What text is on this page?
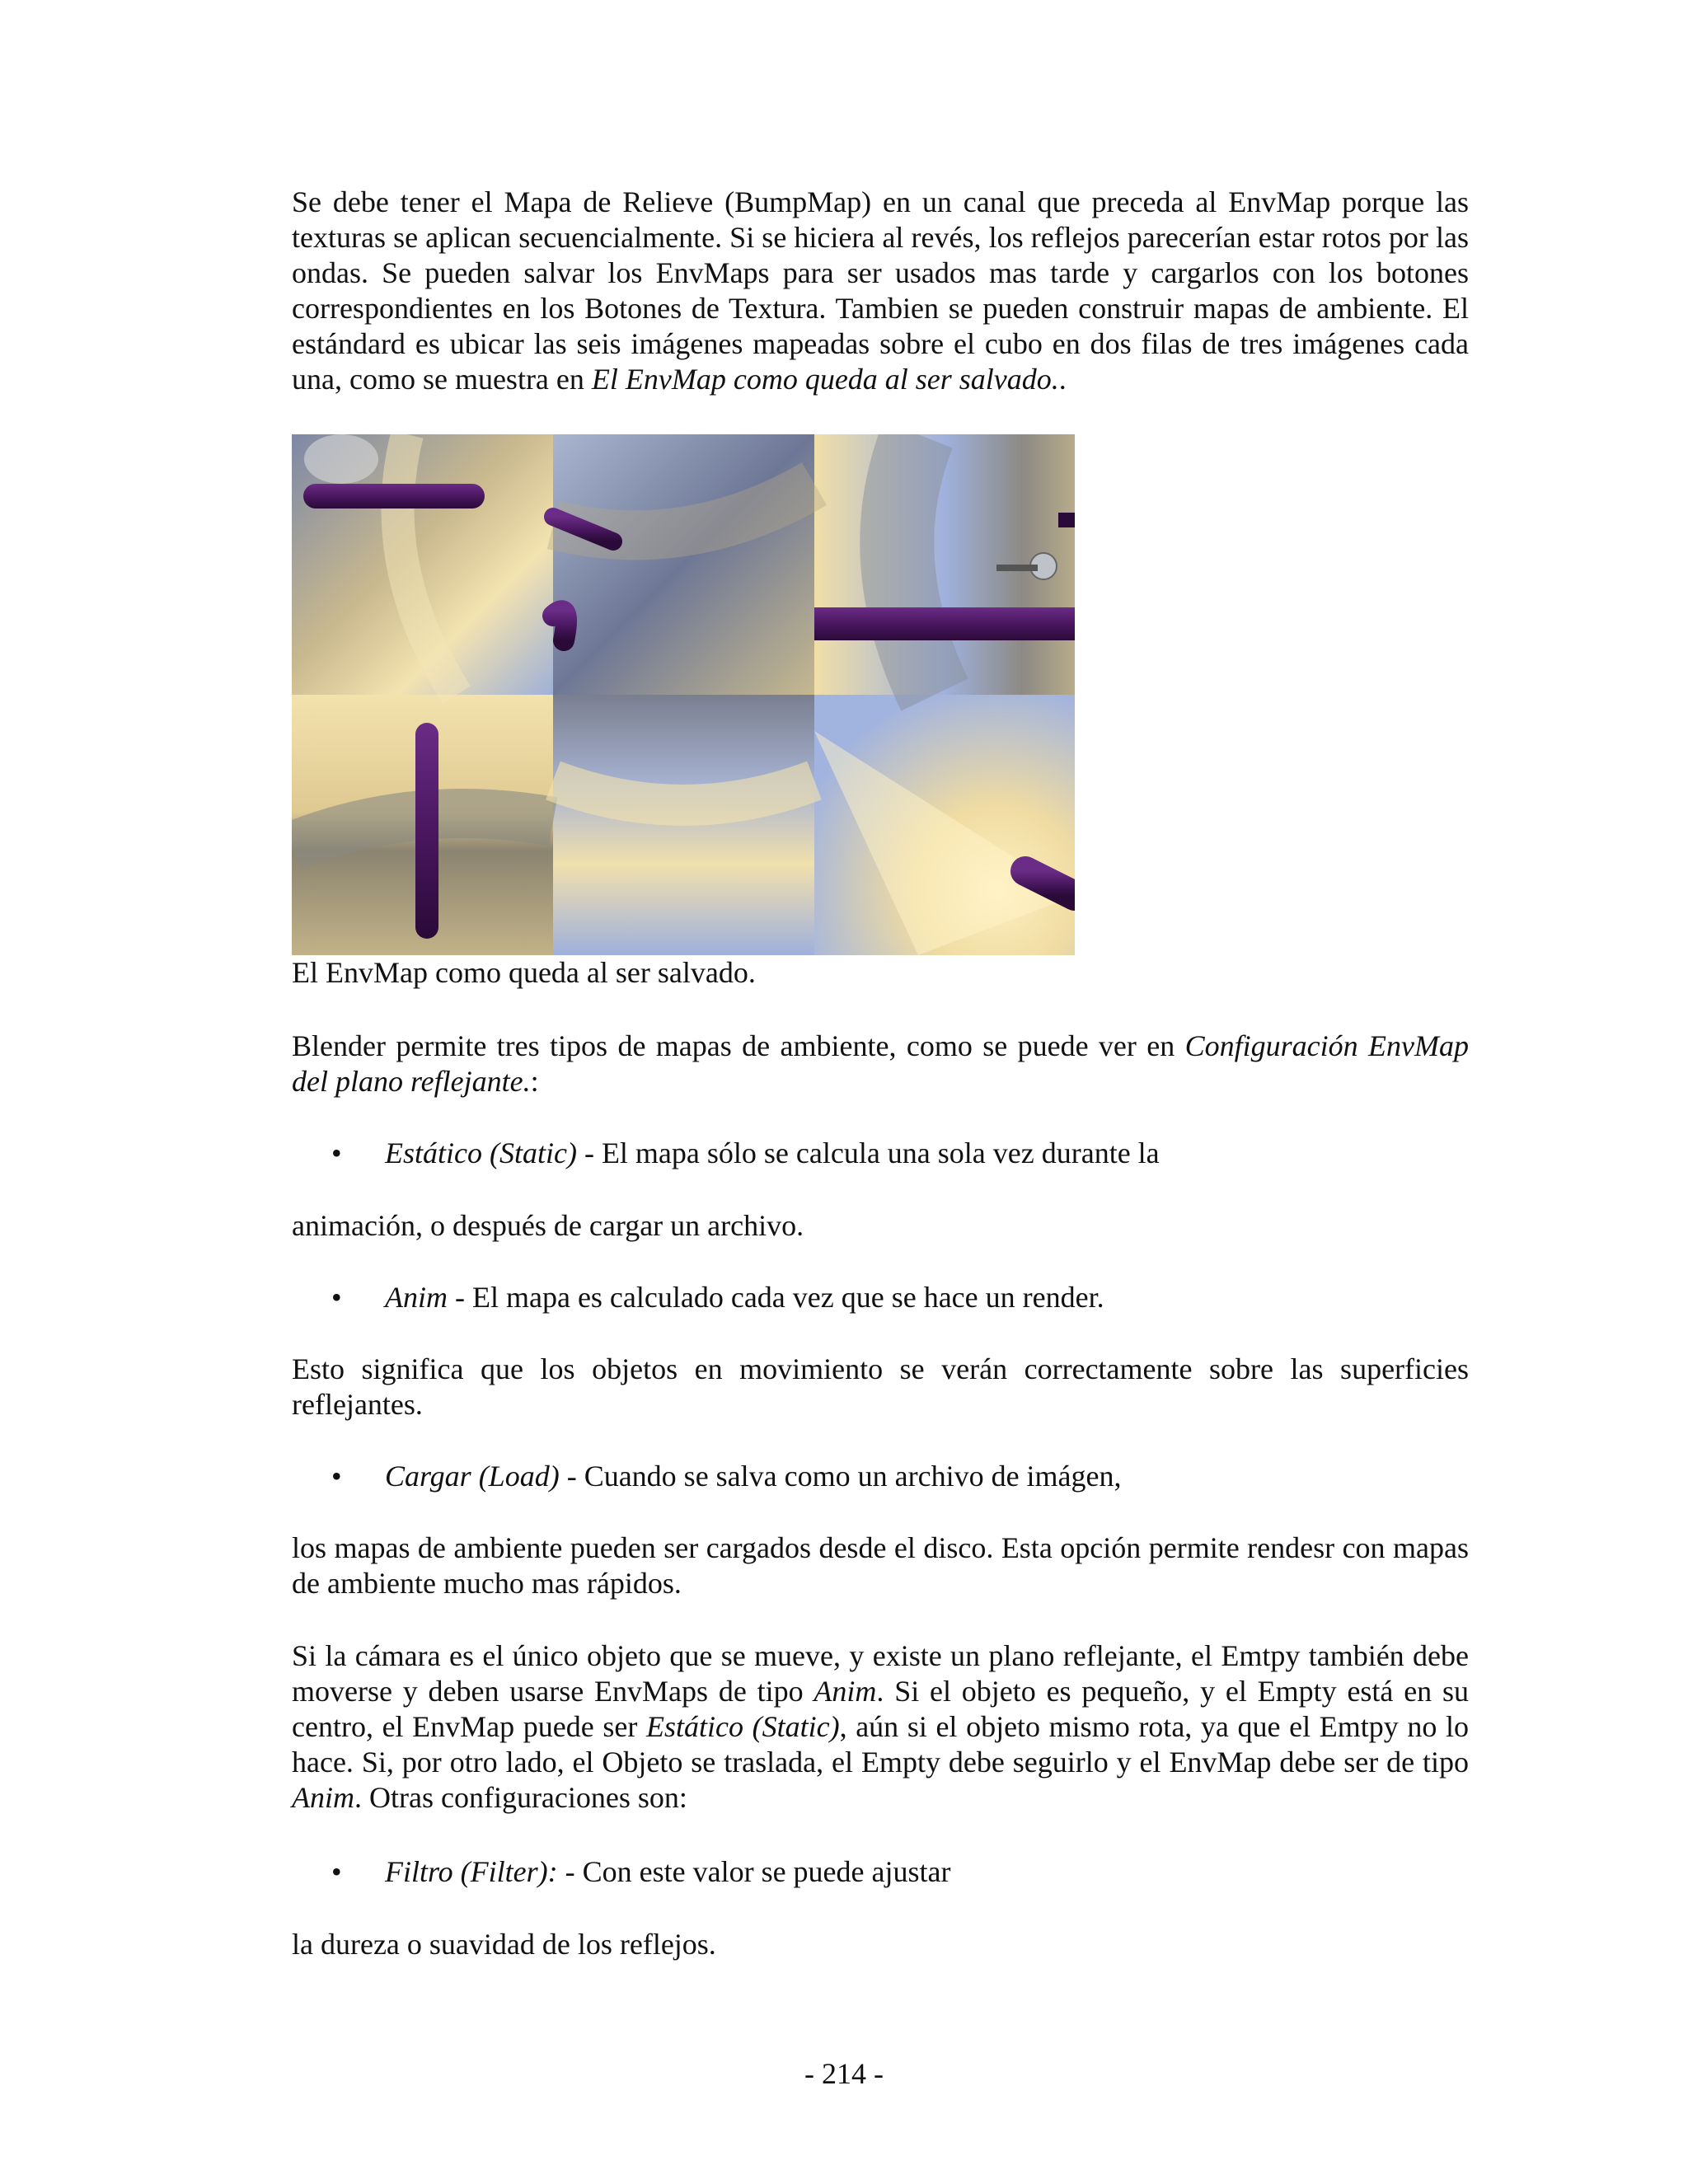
Se debe tener el Mapa de Relieve (BumpMap) en un canal que preceda al EnvMap porque las texturas se aplican secuencialmente. Si se hiciera al revés, los reflejos parecerían estar rotos por las ondas. Se pueden salvar los EnvMaps para ser usados mas tarde y cargarlos con los botones correspondientes en los Botones de Textura. Tambien se pueden construir mapas de ambiente. El estándard es ubicar las seis imágenes mapeadas sobre el cubo en dos filas de tres imágenes cada una, como se muestra en El EnvMap como queda al ser salvado..

El EnvMap como queda al ser salvado.

Blender permite tres tipos de mapas de ambiente, como se puede ver en Configuración EnvMap del plano reflejante.:

• Estático (Static) - El mapa sólo se calcula una sola vez durante la

animación, o después de cargar un archivo.

• Anim - El mapa es calculado cada vez que se hace un render.

Esto significa que los objetos en movimiento se verán correctamente sobre las superficies reflejantes.

• Cargar (Load) - Cuando se salva como un archivo de imágen,

los mapas de ambiente pueden ser cargados desde el disco. Esta opción permite rendesr con mapas de ambiente mucho mas rápidos.

Si la cámara es el único objeto que se mueve, y existe un plano reflejante, el Emtpy también debe moverse y deben usarse EnvMaps de tipo Anim. Si el objeto es pequeño, y el Empty está en su centro, el EnvMap puede ser Estático (Static), aún si el objeto mismo rota, ya que el Emtpy no lo hace. Si, por otro lado, el Objeto se traslada, el Empty debe seguirlo y el EnvMap debe ser de tipo Anim. Otras configuraciones son:

• Filtro (Filter): - Con este valor se puede ajustar

la dureza o suavidad de los reflejos.

- 214 -
